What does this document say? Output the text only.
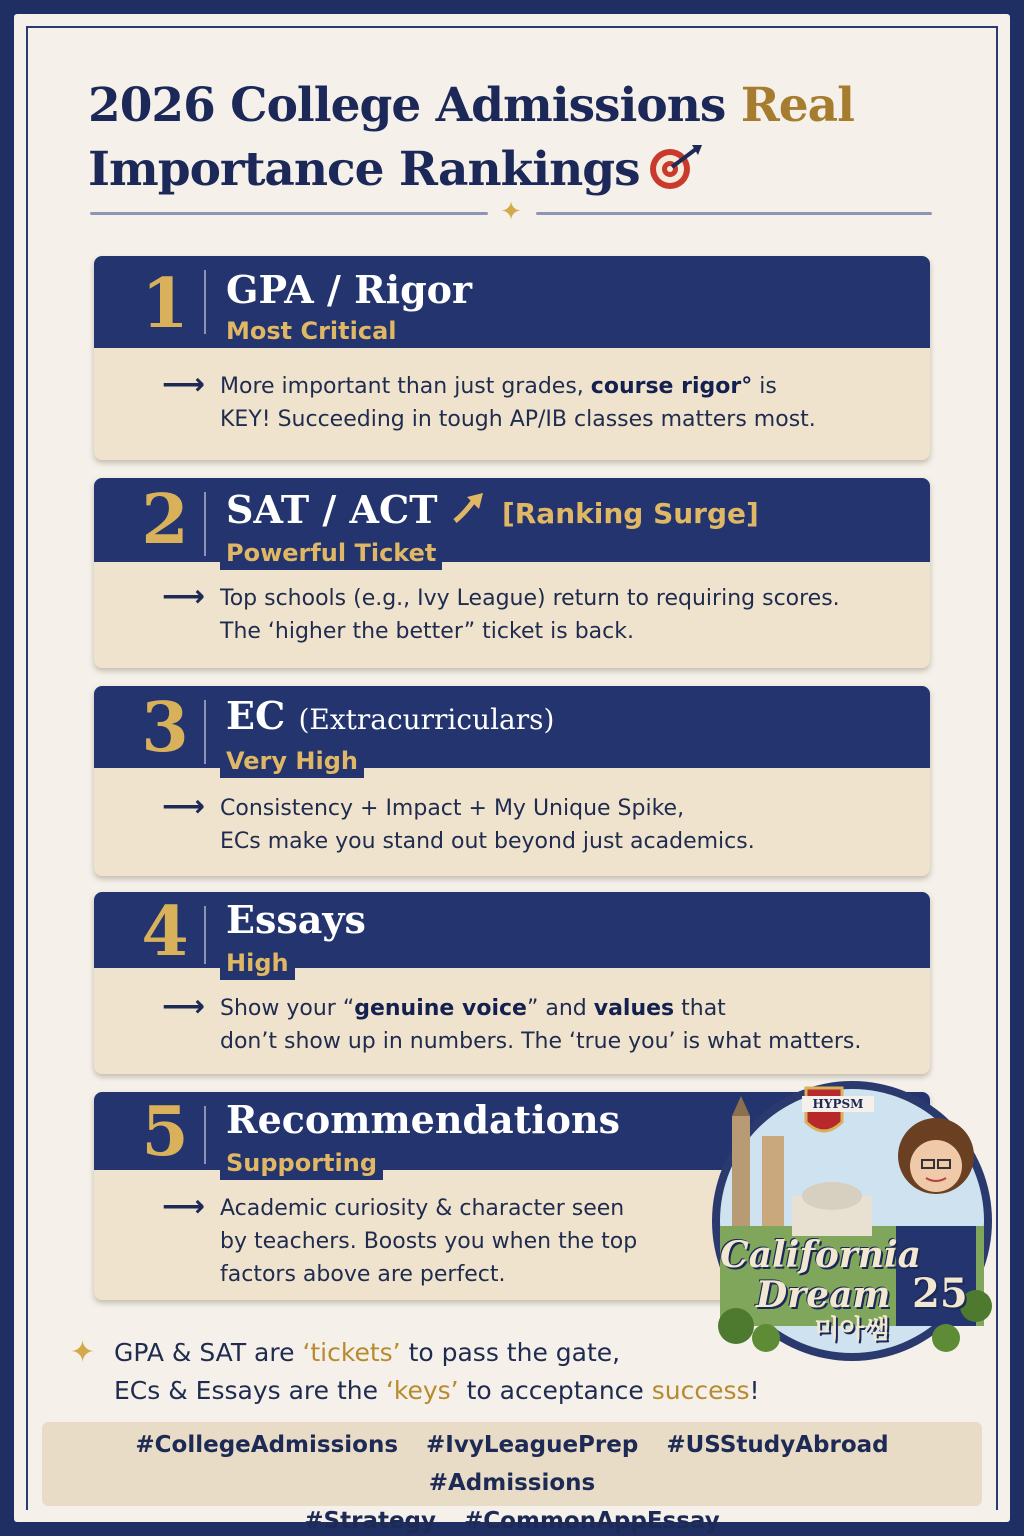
2026 College Admissions Real
Importance Rankings
✦
1 GPA / Rigor
Most Critical
⟶ More important than just grades, course rigor° is
KEY! Succeeding in tough AP/IB classes matters most.
2 SAT / ACT [Ranking Surge]
Powerful Ticket
⟶ Top schools (e.g., Ivy League) return to requiring scores.
The ‘higher the better” ticket is back.
3 EC (Extracurriculars)
Very High
⟶ Consistency + Impact + My Unique Spike,
ECs make you stand out beyond just academics.
4 Essays
High
⟶ Show your “genuine voice” and values that
don’t show up in numbers. The ‘true you’ is what matters.
5 Recommendations
Supporting
⟶ Academic curiosity & character seen
by teachers. Boosts you when the top
factors above are perfect.
HYPSM
California
Dream 25
미아쌤
✦ GPA & SAT are ‘tickets’ to pass the gate,
ECs & Essays are the ‘keys’ to acceptance success!
#CollegeAdmissions #IvyLeaguePrep #USStudyAbroad #Admissions
#Strategy #CommonAppEssay
